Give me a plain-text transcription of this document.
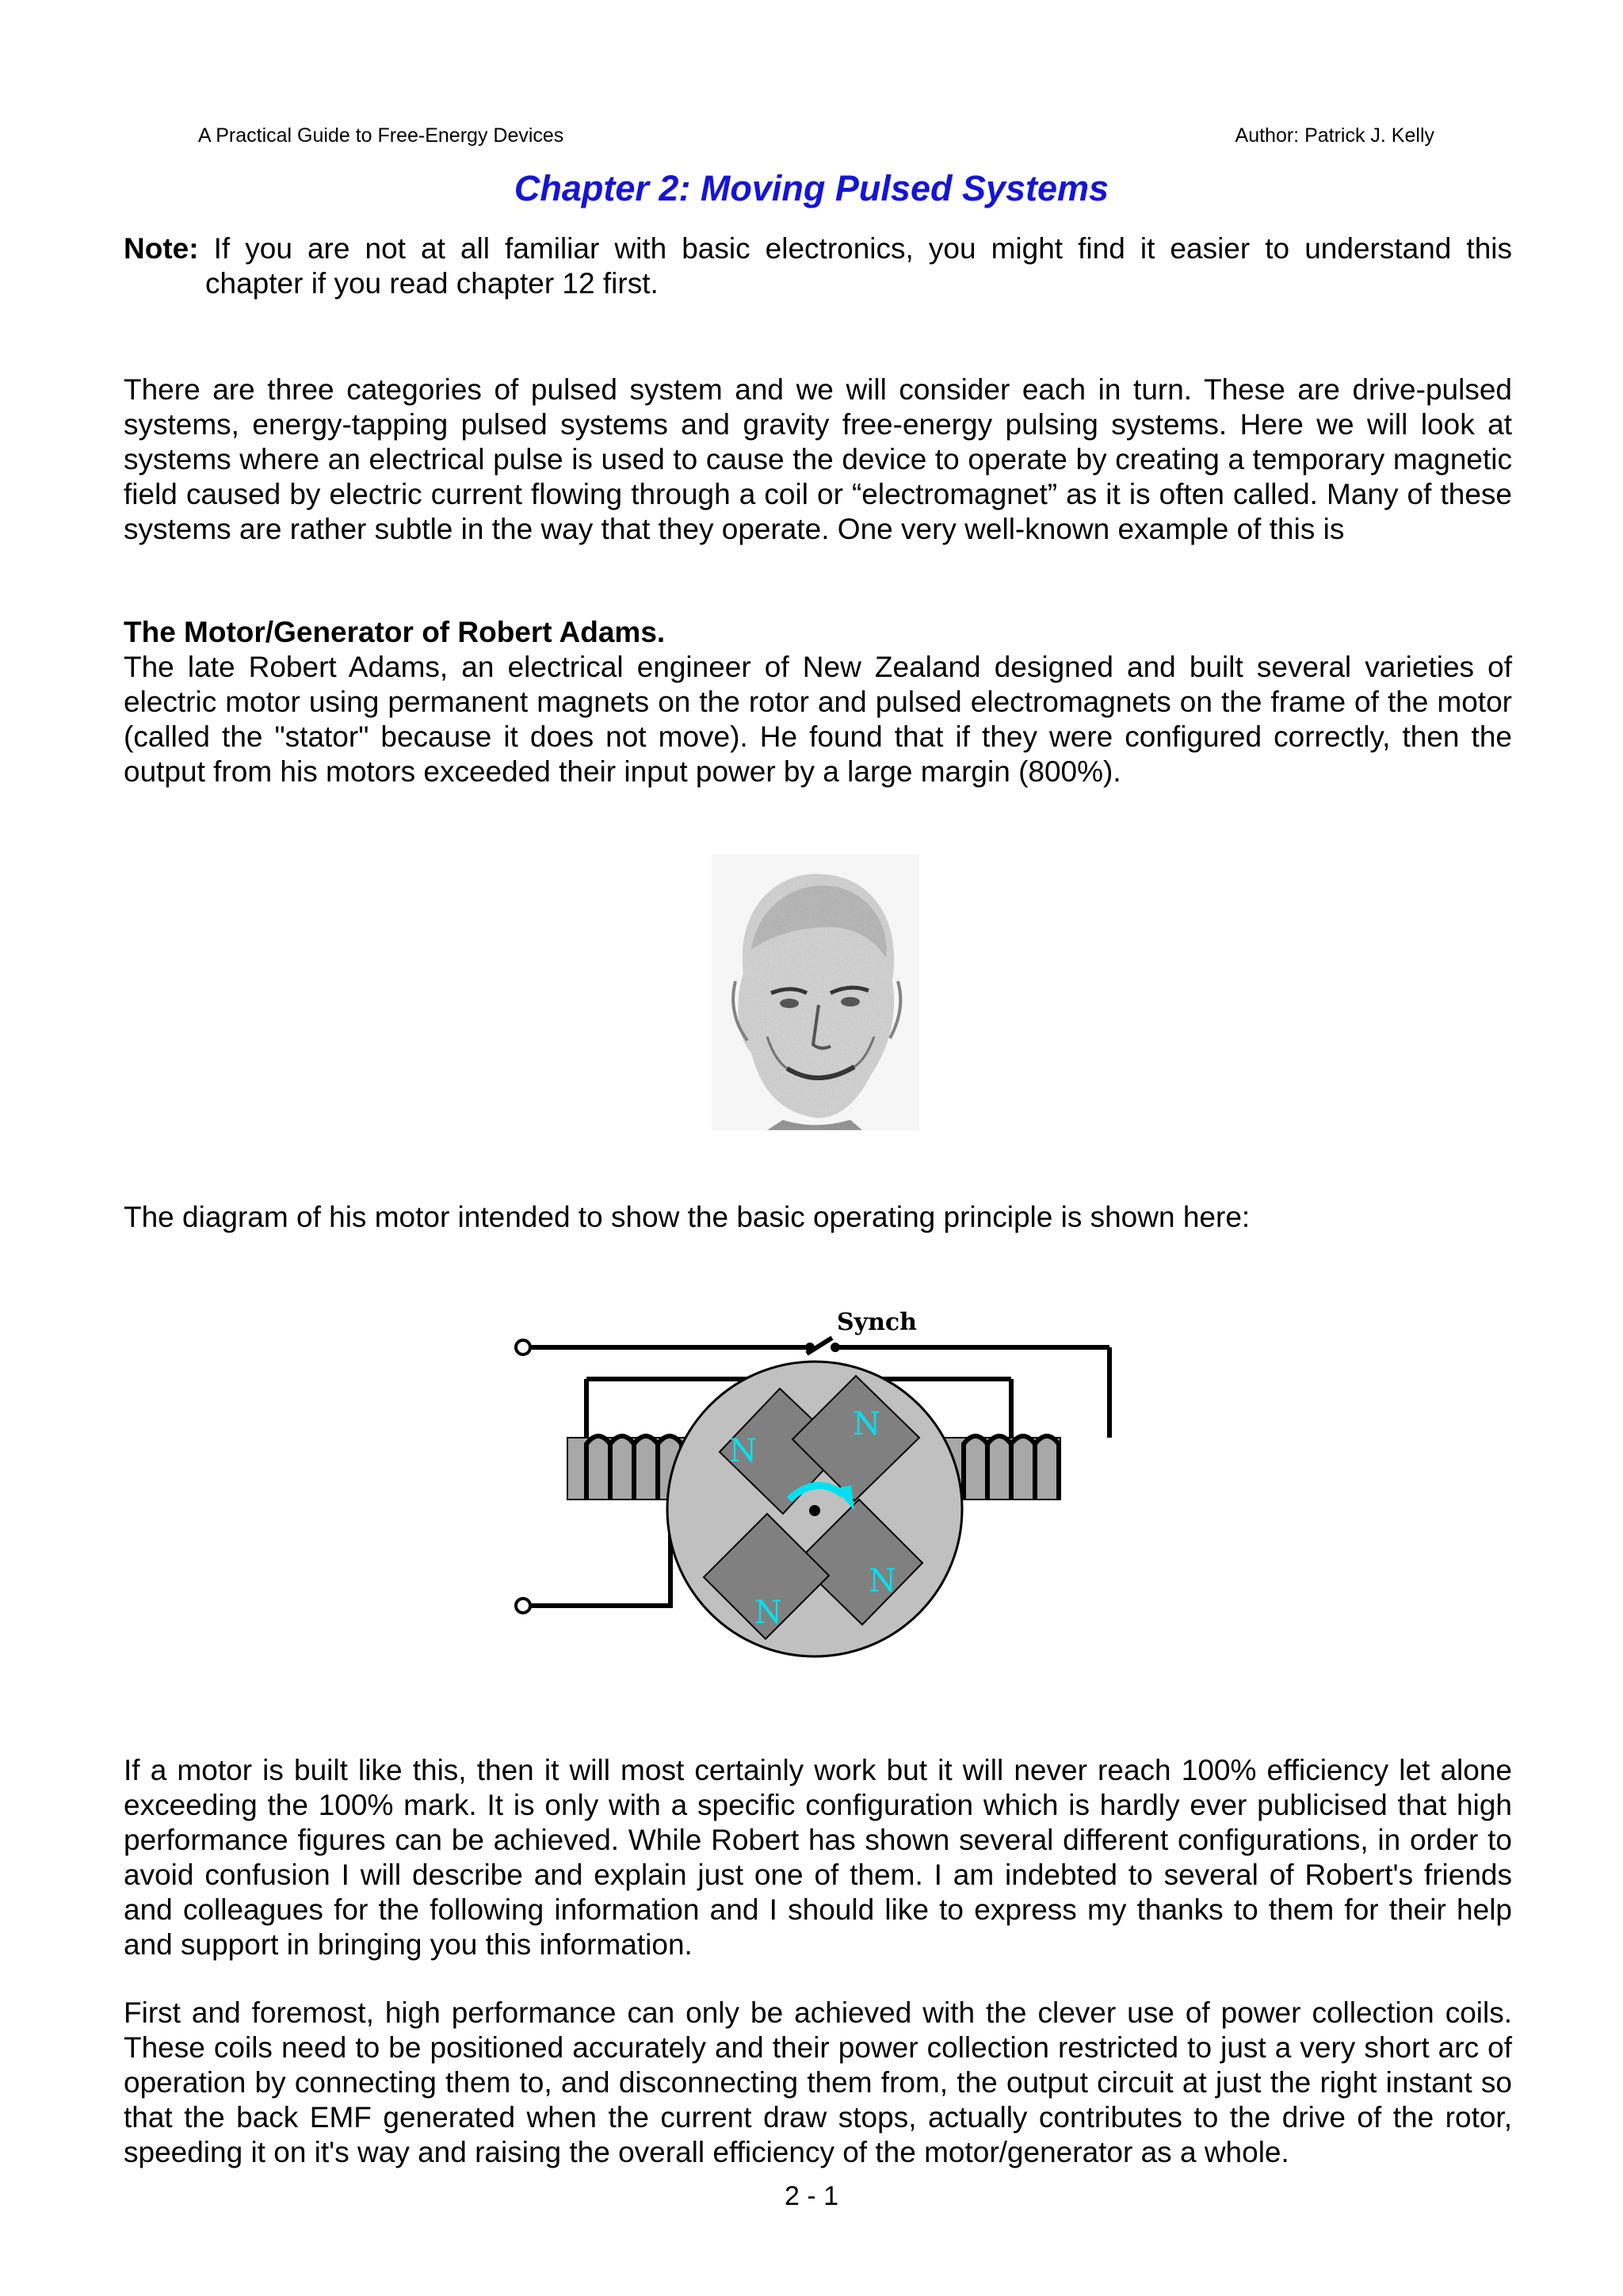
A Practical Guide to Free-Energy Devices	Author: Patrick J. Kelly
Chapter 2: Moving Pulsed Systems
Note: If you are not at all familiar with basic electronics, you might find it easier to understand this
chapter if you read chapter 12 first.
There are three categories of pulsed system and we will consider each in turn. These are drive-pulsed systems, energy-tapping pulsed systems and gravity free-energy pulsing systems. Here we will look at systems where an electrical pulse is used to cause the device to operate by creating a temporary magnetic field caused by electric current flowing through a coil or “electromagnet” as it is often called. Many of these systems are rather subtle in the way that they operate. One very well-known example of this is
The Motor/Generator of Robert Adams.
The late Robert Adams, an electrical engineer of New Zealand designed and built several varieties of electric motor using permanent magnets on the rotor and pulsed electromagnets on the frame of the motor (called the "stator" because it does not move). He found that if they were configured correctly, then the output from his motors exceeded their input power by a large margin (800%).
The diagram of his motor intended to show the basic operating principle is shown here:
Synch
N
N
N
N
If a motor is built like this, then it will most certainly work but it will never reach 100% efficiency let alone exceeding the 100% mark. It is only with a specific configuration which is hardly ever publicised that high performance figures can be achieved. While Robert has shown several different configurations, in order to avoid confusion I will describe and explain just one of them. I am indebted to several of Robert's friends and colleagues for the following information and I should like to express my thanks to them for their help and support in bringing you this information.
First and foremost, high performance can only be achieved with the clever use of power collection coils. These coils need to be positioned accurately and their power collection restricted to just a very short arc of operation by connecting them to, and disconnecting them from, the output circuit at just the right instant so that the back EMF generated when the current draw stops, actually contributes to the drive of the rotor, speeding it on it's way and raising the overall efficiency of the motor/generator as a whole.
2 - 1
